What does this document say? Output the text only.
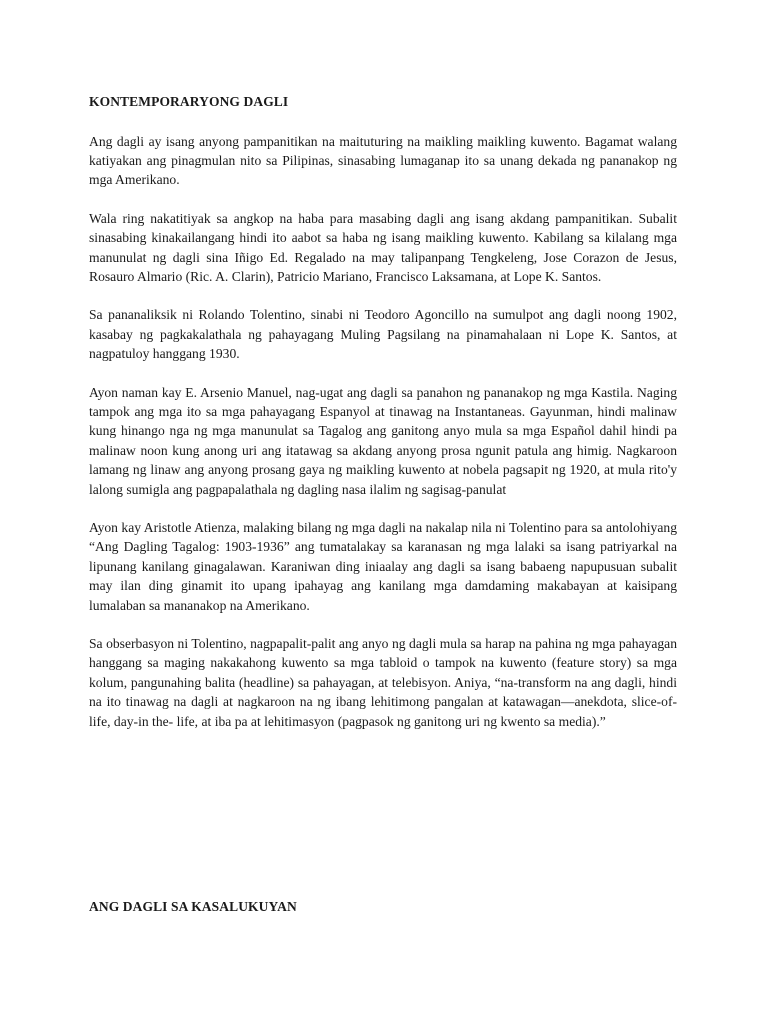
KONTEMPORARYONG DAGLI

Ang dagli ay isang anyong pampanitikan na maituturing na maikling maikling kuwento. Bagamat walang katiyakan ang pinagmulan nito sa Pilipinas, sinasabing lumaganap ito sa unang dekada ng pananakop ng mga Amerikano.

Wala ring nakatitiyak sa angkop na haba para masabing dagli ang isang akdang pampanitikan. Subalit sinasabing kinakailangang hindi ito aabot sa haba ng isang maikling kuwento. Kabilang sa kilalang mga manunulat ng dagli sina Iñigo Ed. Regalado na may talipanpang Tengkeleng, Jose Corazon de Jesus, Rosauro Almario (Ric. A. Clarin), Patricio Mariano, Francisco Laksamana, at Lope K. Santos.

Sa pananaliksik ni Rolando Tolentino, sinabi ni Teodoro Agoncillo na sumulpot ang dagli noong 1902, kasabay ng pagkakalathala ng pahayagang Muling Pagsilang na pinamahalaan ni Lope K. Santos, at nagpatuloy hanggang 1930.

Ayon naman kay E. Arsenio Manuel, nag-ugat ang dagli sa panahon ng pananakop ng mga Kastila. Naging tampok ang mga ito sa mga pahayagang Espanyol at tinawag na Instantaneas. Gayunman, hindi malinaw kung hinango nga ng mga manunulat sa Tagalog ang ganitong anyo mula sa mga Español dahil hindi pa malinaw noon kung anong uri ang itatawag sa akdang anyong prosa ngunit patula ang himig. Nagkaroon lamang ng linaw ang anyong prosang gaya ng maikling kuwento at nobela pagsapit ng 1920, at mula rito'y lalong sumigla ang pagpapalathala ng dagling nasa ilalim ng sagisag-panulat

Ayon kay Aristotle Atienza, malaking bilang ng mga dagli na nakalap nila ni Tolentino para sa antolohiyang “Ang Dagling Tagalog: 1903-1936” ang tumatalakay sa karanasan ng mga lalaki sa isang patriyarkal na lipunang kanilang ginagalawan. Karaniwan ding iniaalay ang dagli sa isang babaeng napupusuan subalit may ilan ding ginamit ito upang ipahayag ang kanilang mga damdaming makabayan at kaisipang lumalaban sa mananakop na Amerikano.

Sa obserbasyon ni Tolentino, nagpapalit-palit ang anyo ng dagli mula sa harap na pahina ng mga pahayagan hanggang sa maging nakakahong kuwento sa mga tabloid o tampok na kuwento (feature story) sa mga kolum, pangunahing balita (headline) sa pahayagan, at telebisyon. Aniya, “na-transform na ang dagli, hindi na ito tinawag na dagli at nagkaroon na ng ibang lehitimong pangalan at katawagan—anekdota, slice-of-life, day-in the- life, at iba pa at lehitimasyon (pagpasok ng ganitong uri ng kwento sa media).”

ANG DAGLI SA KASALUKUYAN
